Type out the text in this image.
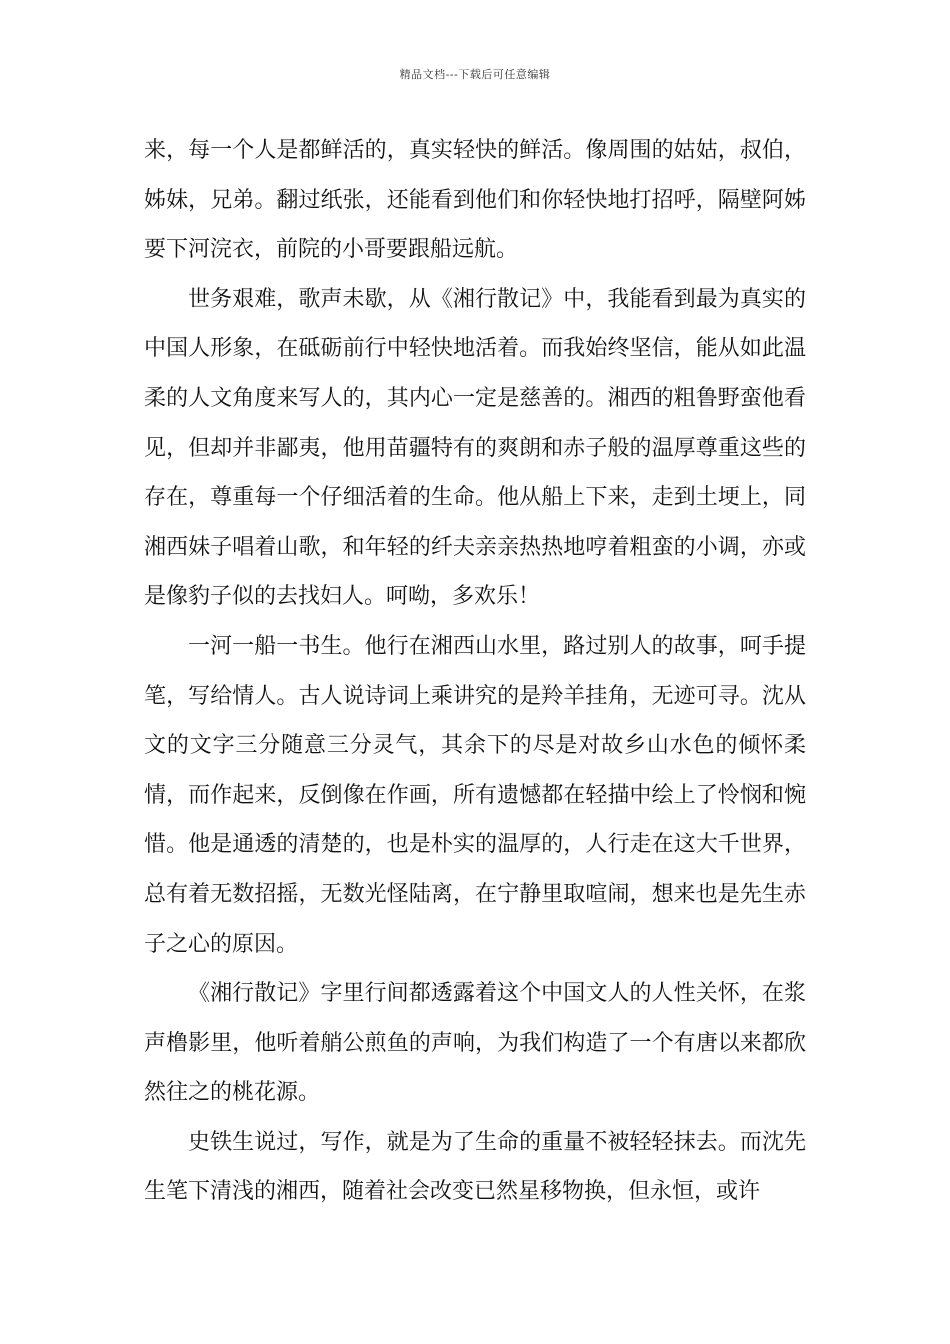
精品文档---下载后可任意编辑

来，每一个人是都鲜活的，真实轻快的鲜活。像周围的姑姑，叔伯，姊妹，兄弟。翻过纸张，还能看到他们和你轻快地打招呼，隔壁阿姊要下河浣衣，前院的小哥要跟船远航。

世务艰难，歌声未歇，从《湘行散记》中，我能看到最为真实的中国人形象，在砥砺前行中轻快地活着。而我始终坚信，能从如此温柔的人文角度来写人的，其内心一定是慈善的。湘西的粗鲁野蛮他看见，但却并非鄙夷，他用苗疆特有的爽朗和赤子般的温厚尊重这些的存在，尊重每一个仔细活着的生命。他从船上下来，走到土埂上，同湘西妹子唱着山歌，和年轻的纤夫亲亲热热地哼着粗蛮的小调，亦或是像豹子似的去找妇人。呵呦，多欢乐！

一河一船一书生。他行在湘西山水里，路过别人的故事，呵手提笔，写给情人。古人说诗词上乘讲究的是羚羊挂角，无迹可寻。沈从文的文字三分随意三分灵气，其余下的尽是对故乡山水色的倾怀柔情，而作起来，反倒像在作画，所有遗憾都在轻描中绘上了怜悯和惋惜。他是通透的清楚的，也是朴实的温厚的，人行走在这大千世界，总有着无数招摇，无数光怪陆离，在宁静里取喧闹，想来也是先生赤子之心的原因。

《湘行散记》字里行间都透露着这个中国文人的人性关怀，在浆声橹影里，他听着艄公煎鱼的声响，为我们构造了一个有唐以来都欣然往之的桃花源。

史铁生说过，写作，就是为了生命的重量不被轻轻抹去。而沈先生笔下清浅的湘西，随着社会改变已然星移物换，但永恒，或许
